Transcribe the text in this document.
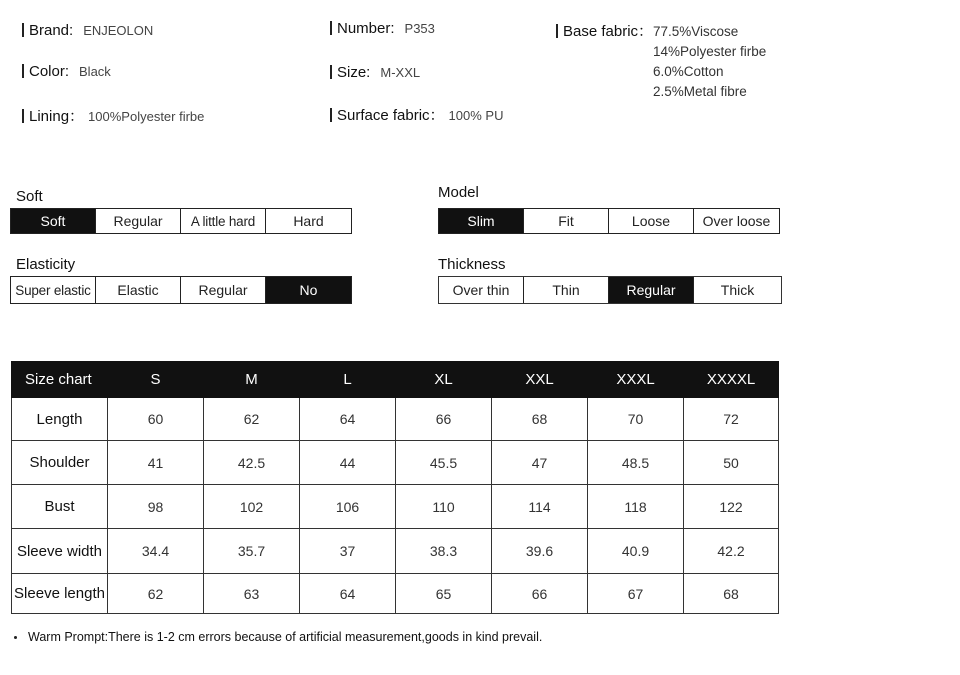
Brand: ENJEOLON
Color: Black
Lining： 100%Polyester firbe
Number: P353
Size: M-XXL
Surface fabric： 100% PU
Base fabric： 77.5%Viscose
14%Polyester firbe
6.0%Cotton
2.5%Metal fibre
Soft
Soft	Regular	A little hard	Hard
Model
Slim	Fit	Loose	Over loose
Elasticity
Super elastic	Elastic	Regular	No
Thickness
Over thin	Thin	Regular	Thick
Size chart	S	M	L	XL	XXL	XXXL	XXXXL
Length	60	62	64	66	68	70	72
Shoulder	41	42.5	44	45.5	47	48.5	50
Bust	98	102	106	110	114	118	122
Sleeve width	34.4	35.7	37	38.3	39.6	40.9	42.2
Sleeve length	62	63	64	65	66	67	68
Warm Prompt:There is 1-2 cm errors because of artificial measurement,goods in kind prevail.
